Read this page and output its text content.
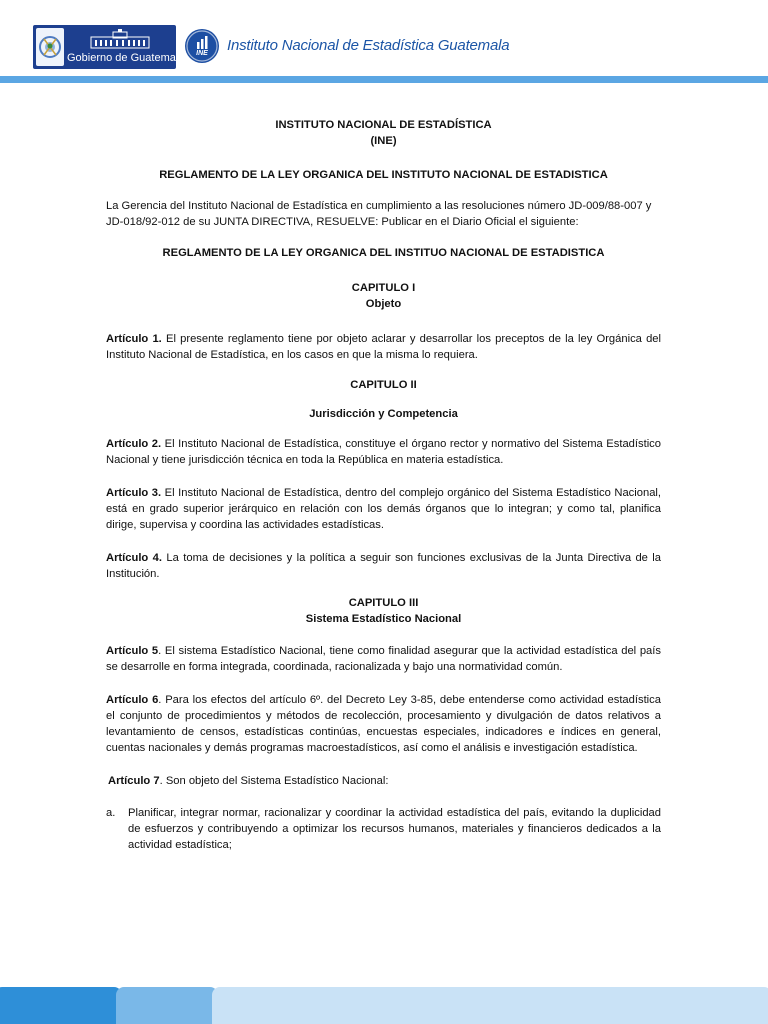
Gobierno de Guatemala	INE	Instituto Nacional de Estadística Guatemala

INSTITUTO NACIONAL DE ESTADÍSTICA

(INE)

REGLAMENTO DE LA LEY ORGANICA DEL INSTITUTO NACIONAL DE ESTADISTICA

La Gerencia del Instituto Nacional de Estadística en cumplimiento a las resoluciones número JD-009/88-007 y JD-018/92-012 de su JUNTA DIRECTIVA, RESUELVE: Publicar en el Diario Oficial el siguiente:

REGLAMENTO DE LA LEY ORGANICA DEL INSTITUO NACIONAL DE ESTADISTICA

CAPITULO I

Objeto

Artículo 1. El presente reglamento tiene por objeto aclarar y desarrollar los preceptos de la ley Orgánica del Instituto Nacional de Estadística, en los casos en que la misma lo requiera.

CAPITULO II

Jurisdicción y Competencia

Artículo 2. El Instituto Nacional de Estadística, constituye el órgano rector y normativo del Sistema Estadístico Nacional y tiene jurisdicción técnica en toda la República en materia estadística.

Artículo 3. El Instituto Nacional de Estadística, dentro del complejo orgánico del Sistema Estadístico Nacional, está en grado superior jerárquico en relación con los demás órganos que lo integran; y como tal, planifica dirige, supervisa y coordina las actividades estadísticas.

Artículo 4. La toma de decisiones y la política a seguir son funciones exclusivas de la Junta Directiva de la Institución.

CAPITULO III

Sistema Estadístico Nacional

Artículo 5. El sistema Estadístico Nacional, tiene como finalidad asegurar que la actividad estadística del país se desarrolle en forma integrada, coordinada, racionalizada y bajo una normatividad común.

Artículo 6. Para los efectos del artículo 6º. del Decreto Ley 3-85, debe entenderse como actividad estadística el conjunto de procedimientos y métodos de recolección, procesamiento y divulgación de datos relativos a levantamiento de censos, estadísticas continúas, encuestas especiales, indicadores e índices en general, cuentas nacionales y demás programas macroestadísticos, así como el análisis e investigación estadística.

Artículo 7. Son objeto del Sistema Estadístico Nacional:

a. Planificar, integrar normar, racionalizar y coordinar la actividad estadística del país, evitando la duplicidad de esfuerzos y contribuyendo a optimizar los recursos humanos, materiales y financieros dedicados a la actividad estadística;
